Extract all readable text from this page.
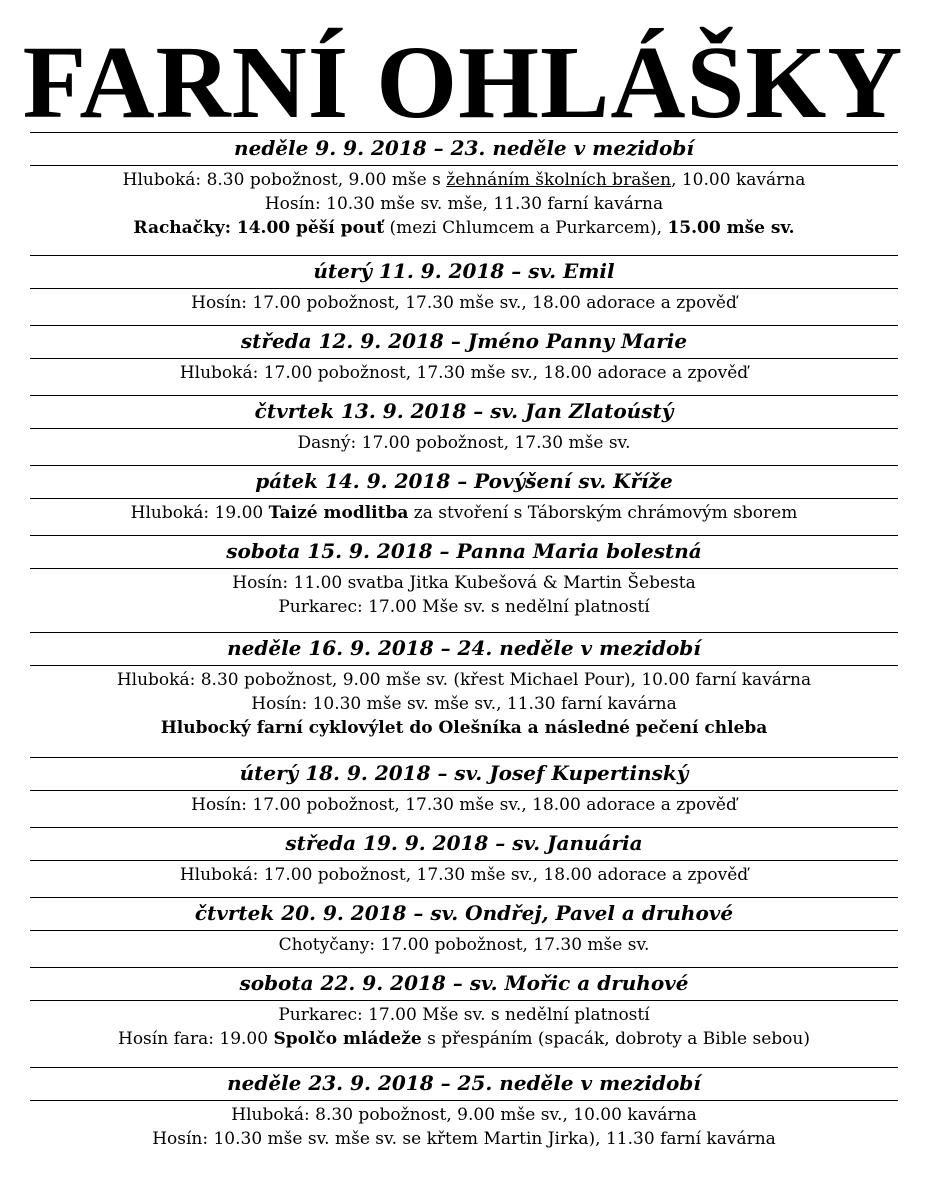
FARNÍ OHLÁŠKY
neděle 9. 9. 2018 – 23. neděle v mezidobí
Hluboká: 8.30 pobožnost, 9.00 mše s žehnáním školních brašen, 10.00 kavárna
Hosín: 10.30 mše sv. mše, 11.30 farní kavárna
Rachačky: 14.00 pěší pouť (mezi Chlumcem a Purkarcem), 15.00 mše sv.
úterý 11. 9. 2018 – sv. Emil
Hosín: 17.00 pobožnost, 17.30 mše sv., 18.00 adorace a zpověď
středa 12. 9. 2018 – Jméno Panny Marie
Hluboká: 17.00 pobožnost, 17.30 mše sv., 18.00 adorace a zpověď
čtvrtek 13. 9. 2018 – sv. Jan Zlatoústý
Dasný: 17.00 pobožnost, 17.30 mše sv.
pátek 14. 9. 2018 – Povýšení sv. Kříže
Hluboká: 19.00 Taizé modlitba za stvoření s Táborským chrámovým sborem
sobota 15. 9. 2018 – Panna Maria bolestná
Hosín: 11.00 svatba Jitka Kubešová & Martin Šebesta
Purkarec: 17.00 Mše sv. s nedělní platností
neděle 16. 9. 2018 – 24. neděle v mezidobí
Hluboká: 8.30 pobožnost, 9.00 mše sv. (křest Michael Pour), 10.00 farní kavárna
Hosín: 10.30 mše sv. mše sv., 11.30 farní kavárna
Hlubocký farní cyklovýlet do Olešníka a následné pečení chleba
úterý 18. 9. 2018 – sv. Josef Kupertinský
Hosín: 17.00 pobožnost, 17.30 mše sv., 18.00 adorace a zpověď
středa 19. 9. 2018 – sv. Januária
Hluboká: 17.00 pobožnost, 17.30 mše sv., 18.00 adorace a zpověď
čtvrtek 20. 9. 2018 – sv. Ondřej, Pavel a druhové
Chotyčany: 17.00 pobožnost, 17.30 mše sv.
sobota 22. 9. 2018 – sv. Mořic a druhové
Purkarec: 17.00 Mše sv. s nedělní platností
Hosín fara: 19.00 Spolčo mládeže s přespáním (spacák, dobroty a Bible sebou)
neděle 23. 9. 2018 – 25. neděle v mezidobí
Hluboká: 8.30 pobožnost, 9.00 mše sv., 10.00 kavárna
Hosín: 10.30 mše sv. mše sv. se křtem Martin Jirka), 11.30 farní kavárna
